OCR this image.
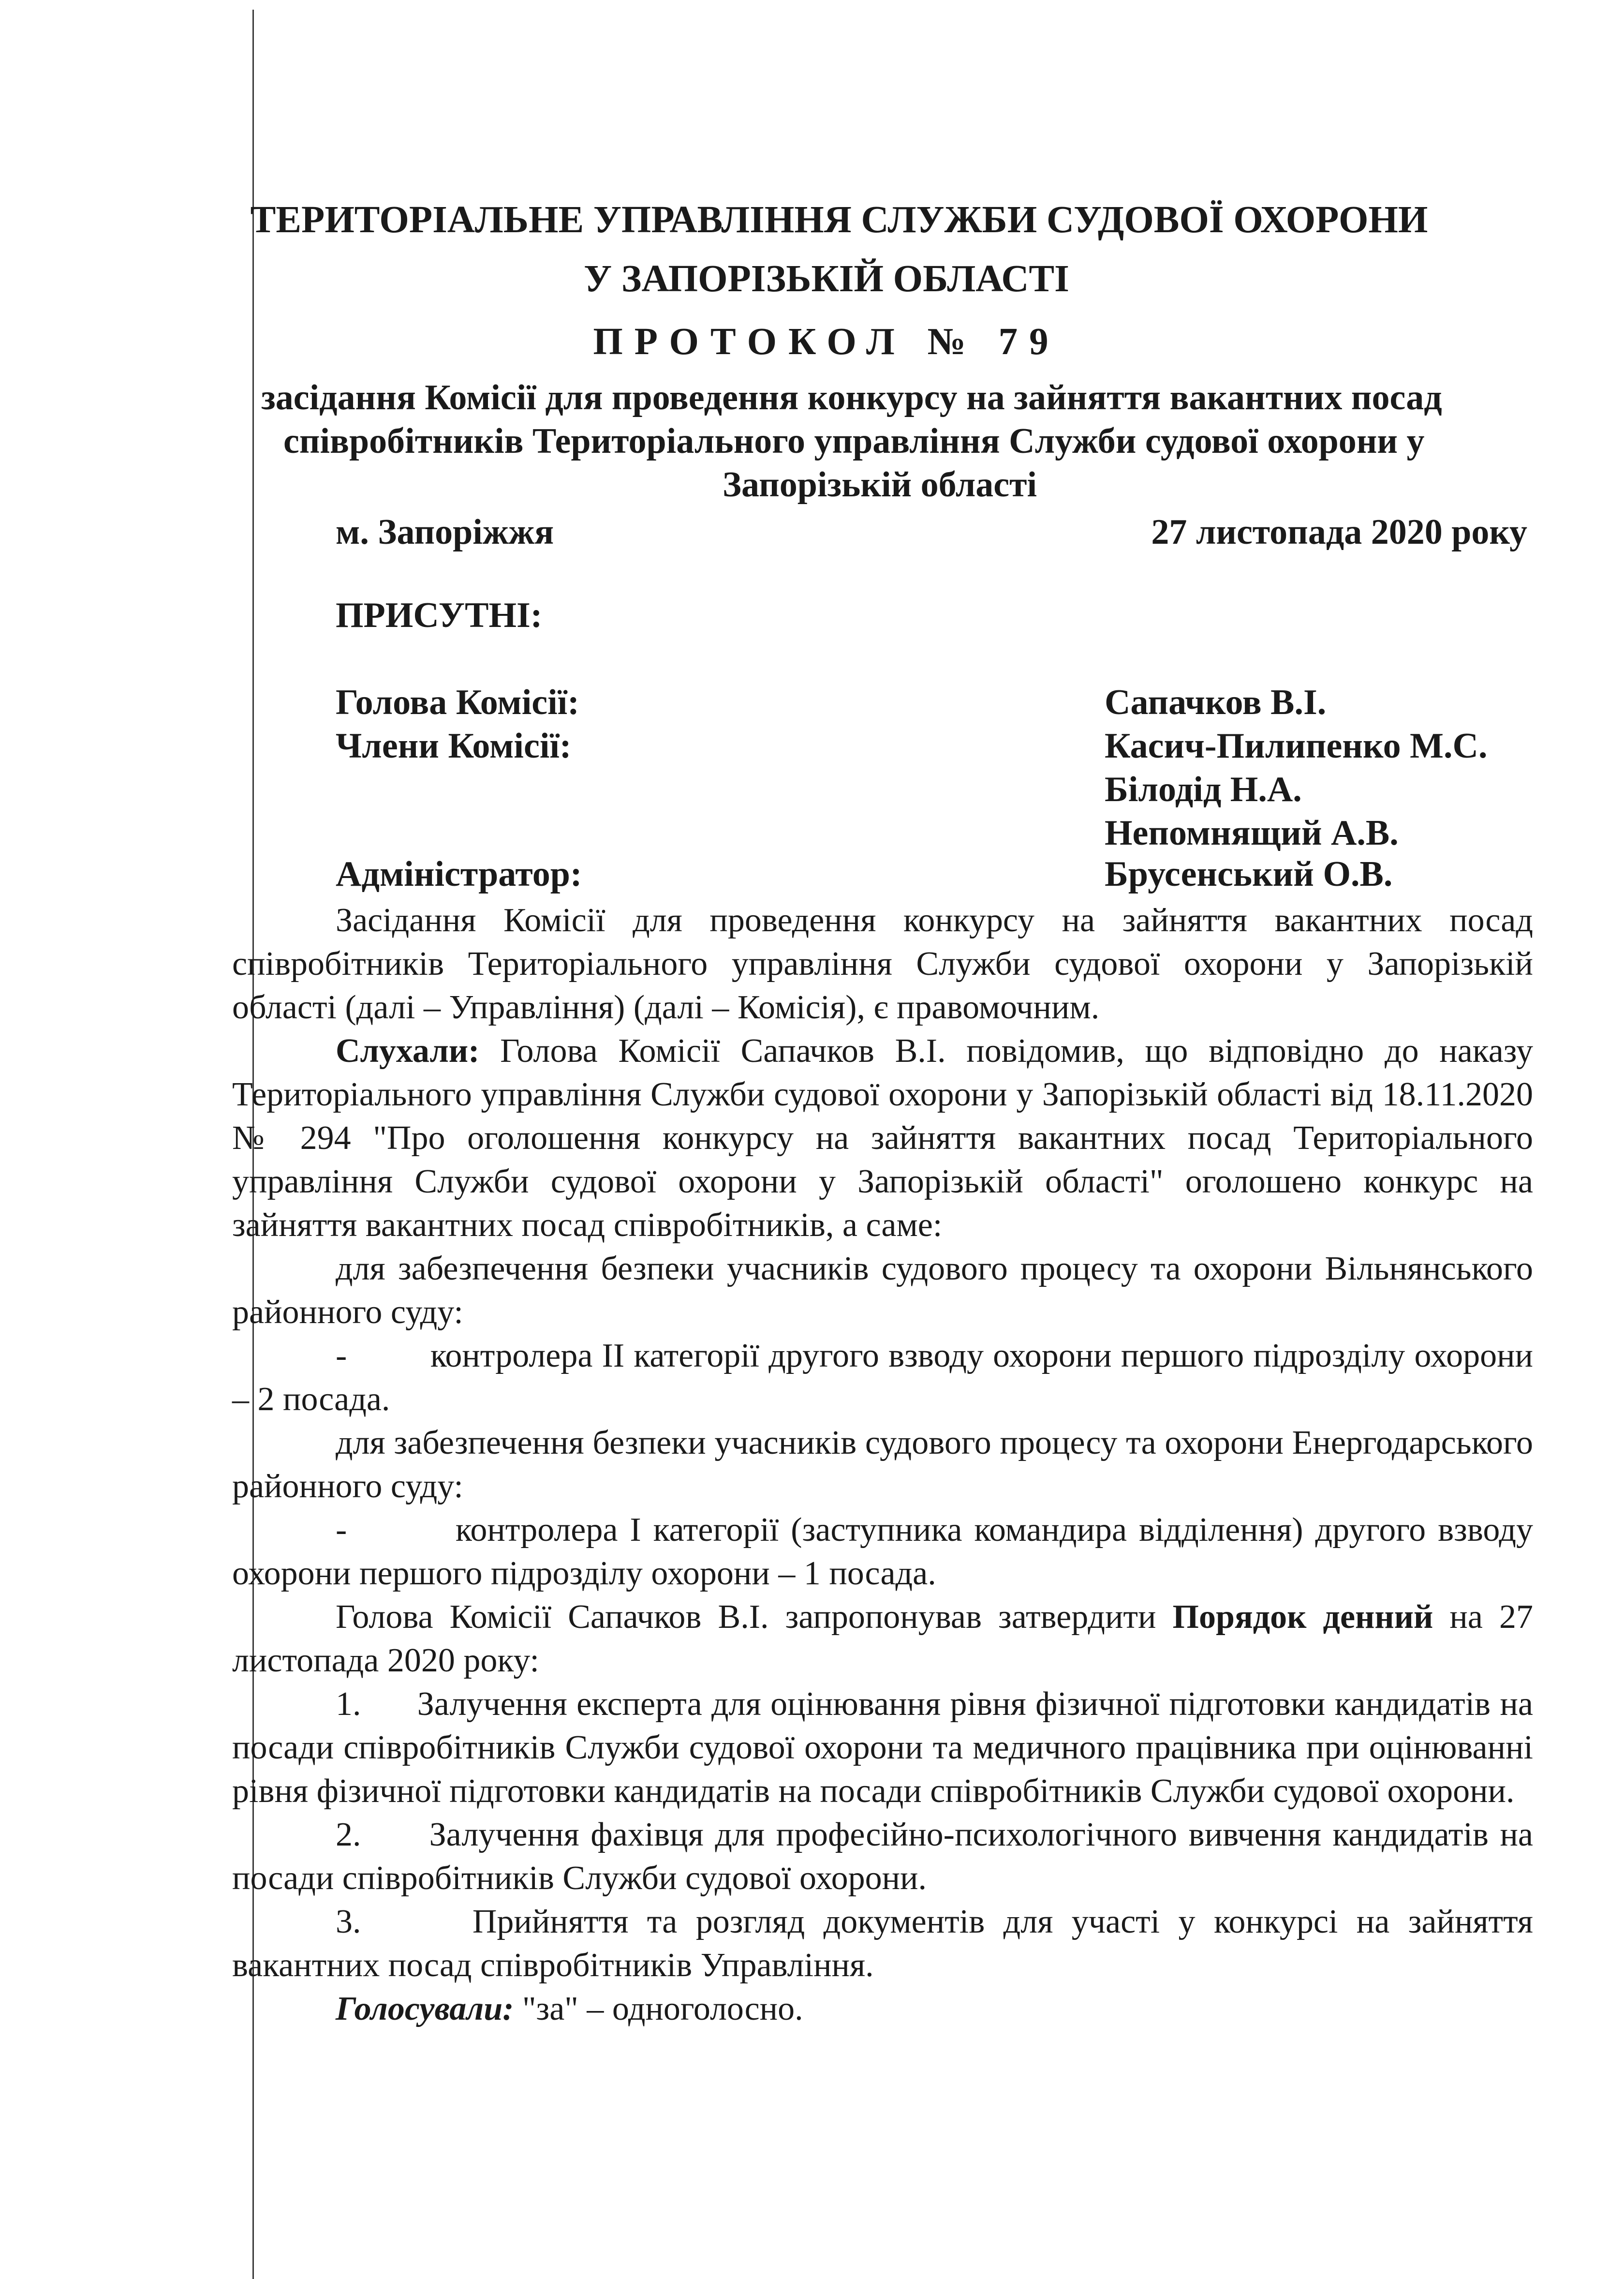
ТЕРИТОРІАЛЬНЕ УПРАВЛІННЯ СЛУЖБИ СУДОВОЇ ОХОРОНИ
У ЗАПОРІЗЬКІЙ ОБЛАСТІ
ПРОТОКОЛ № 79
засідання Комісії для проведення конкурсу на зайняття вакантних посад
співробітників Територіального управління Служби судової охорони у
Запорізькій області
м. Запоріжжя	27 листопада 2020 року
ПРИСУТНІ:
Голова Комісії:
Члени Комісії:
Адміністратор:
Сапачков В.І.
Касич-Пилипенко М.С.
Білодід Н.А.
Непомнящий А.В.
Брусенський О.В.

Засідання Комісії для проведення конкурсу на зайняття вакантних посад співробітників Територіального управління Служби судової охорони у Запорізькій області (далі – Управління) (далі – Комісія), є правомочним.

Слухали: Голова Комісії Сапачков В.І. повідомив, що відповідно до наказу Територіального управління Служби судової охорони у Запорізькій області від 18.11.2020 № 294 "Про оголошення конкурсу на зайняття вакантних посад Територіального управління Служби судової охорони у Запорізькій області" оголошено конкурс на зайняття вакантних посад співробітників, а саме:

для забезпечення безпеки учасників судового процесу та охорони Вільнянського районного суду:

-         контролера ІІ категорії другого взводу охорони першого підрозділу охорони – 2 посада.

для забезпечення безпеки учасників судового процесу та охорони Енергодарського районного суду:

-         контролера І категорії (заступника командира відділення) другого взводу охорони першого підрозділу охорони – 1 посада.

Голова Комісії Сапачков В.І. запропонував затвердити Порядок денний на 27 листопада 2020 року:

1.      Залучення експерта для оцінювання рівня фізичної підготовки кандидатів на посади співробітників Служби судової охорони та медичного працівника при оцінюванні рівня фізичної підготовки кандидатів на посади співробітників Служби судової охорони.

2.      Залучення фахівця для професійно-психологічного вивчення кандидатів на посади співробітників Служби судової охорони.

3.      Прийняття та розгляд документів для участі у конкурсі на зайняття вакантних посад співробітників Управління.

Голосували: "за" – одноголосно.
